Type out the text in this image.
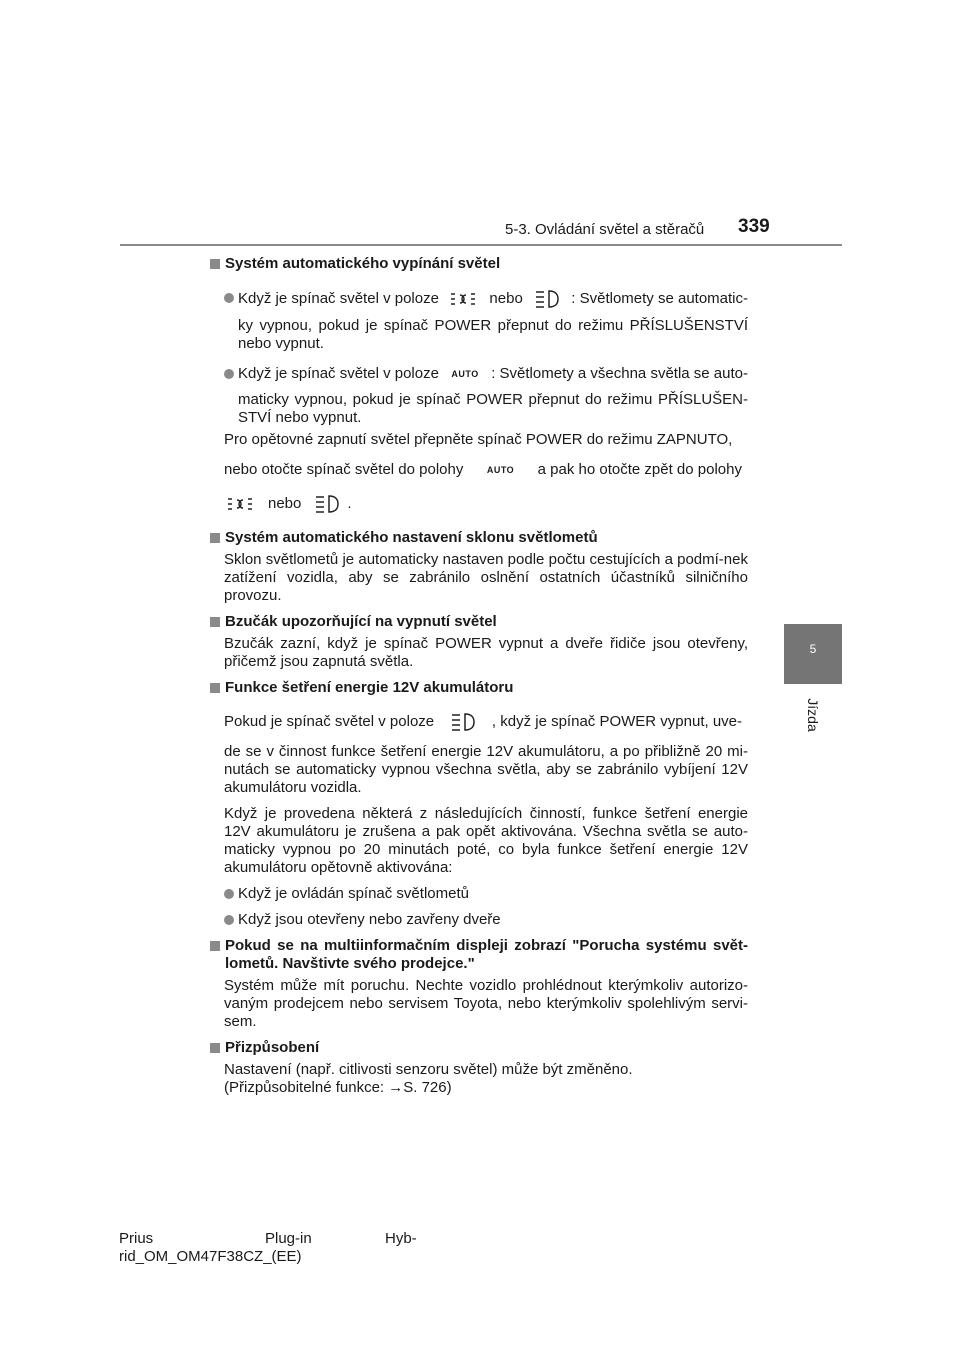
5-3. Ovládání světel a stěračů 339
5
Jízda
Systém automatického vypínání světel
Když je spínač světel v poloze	nebo	: Světlomety se automatic-
ky vypnou, pokud je spínač POWER přepnut do režimu PŘÍSLUŠENSTVÍ nebo vypnut.
Když je spínač světel v poloze AUTO : Světlomety a všechna světla se auto-
maticky vypnou, pokud je spínač POWER přepnut do režimu PŘÍSLUŠEN-STVÍ nebo vypnut.
Pro opětovné zapnutí světel přepněte spínač POWER do režimu ZAPNUTO,
nebo otočte spínač světel do polohy	AUTO a pak ho otočte zpět do polohy
nebo	.
Systém automatického nastavení sklonu světlometů
Sklon světlometů je automaticky nastaven podle počtu cestujících a podmí-nek zatížení vozidla, aby se zabránilo oslnění ostatních účastníků silničního provozu.
Bzučák upozorňující na vypnutí světel
Bzučák zazní, když je spínač POWER vypnut a dveře řidiče jsou otevřeny, přičemž jsou zapnutá světla.
Funkce šetření energie 12V akumulátoru
Pokud je spínač světel v poloze	, když je spínač POWER vypnut, uve-
de se v činnost funkce šetření energie 12V akumulátoru, a po přibližně 20 mi-nutách se automaticky vypnou všechna světla, aby se zabránilo vybíjení 12V akumulátoru vozidla.
Když je provedena některá z následujících činností, funkce šetření energie 12V akumulátoru je zrušena a pak opět aktivována. Všechna světla se auto-maticky vypnou po 20 minutách poté, co byla funkce šetření energie 12V akumulátoru opětovně aktivována:
Když je ovládán spínač světlometů
Když jsou otevřeny nebo zavřeny dveře
Pokud se na multiinformačním displeji zobrazí "Porucha systému svět-lometů. Navštivte svého prodejce."
Systém může mít poruchu. Nechte vozidlo prohlédnout kterýmkoliv autorizo-vaným prodejcem nebo servisem Toyota, nebo kterýmkoliv spolehlivým servi-sem.
Přizpůsobení
Nastavení (např. citlivosti senzoru světel) může být změněno.
(Přizpůsobitelné funkce: →S. 726)
Prius	Plug-in	Hyb-
rid_OM_OM47F38CZ_(EE)
